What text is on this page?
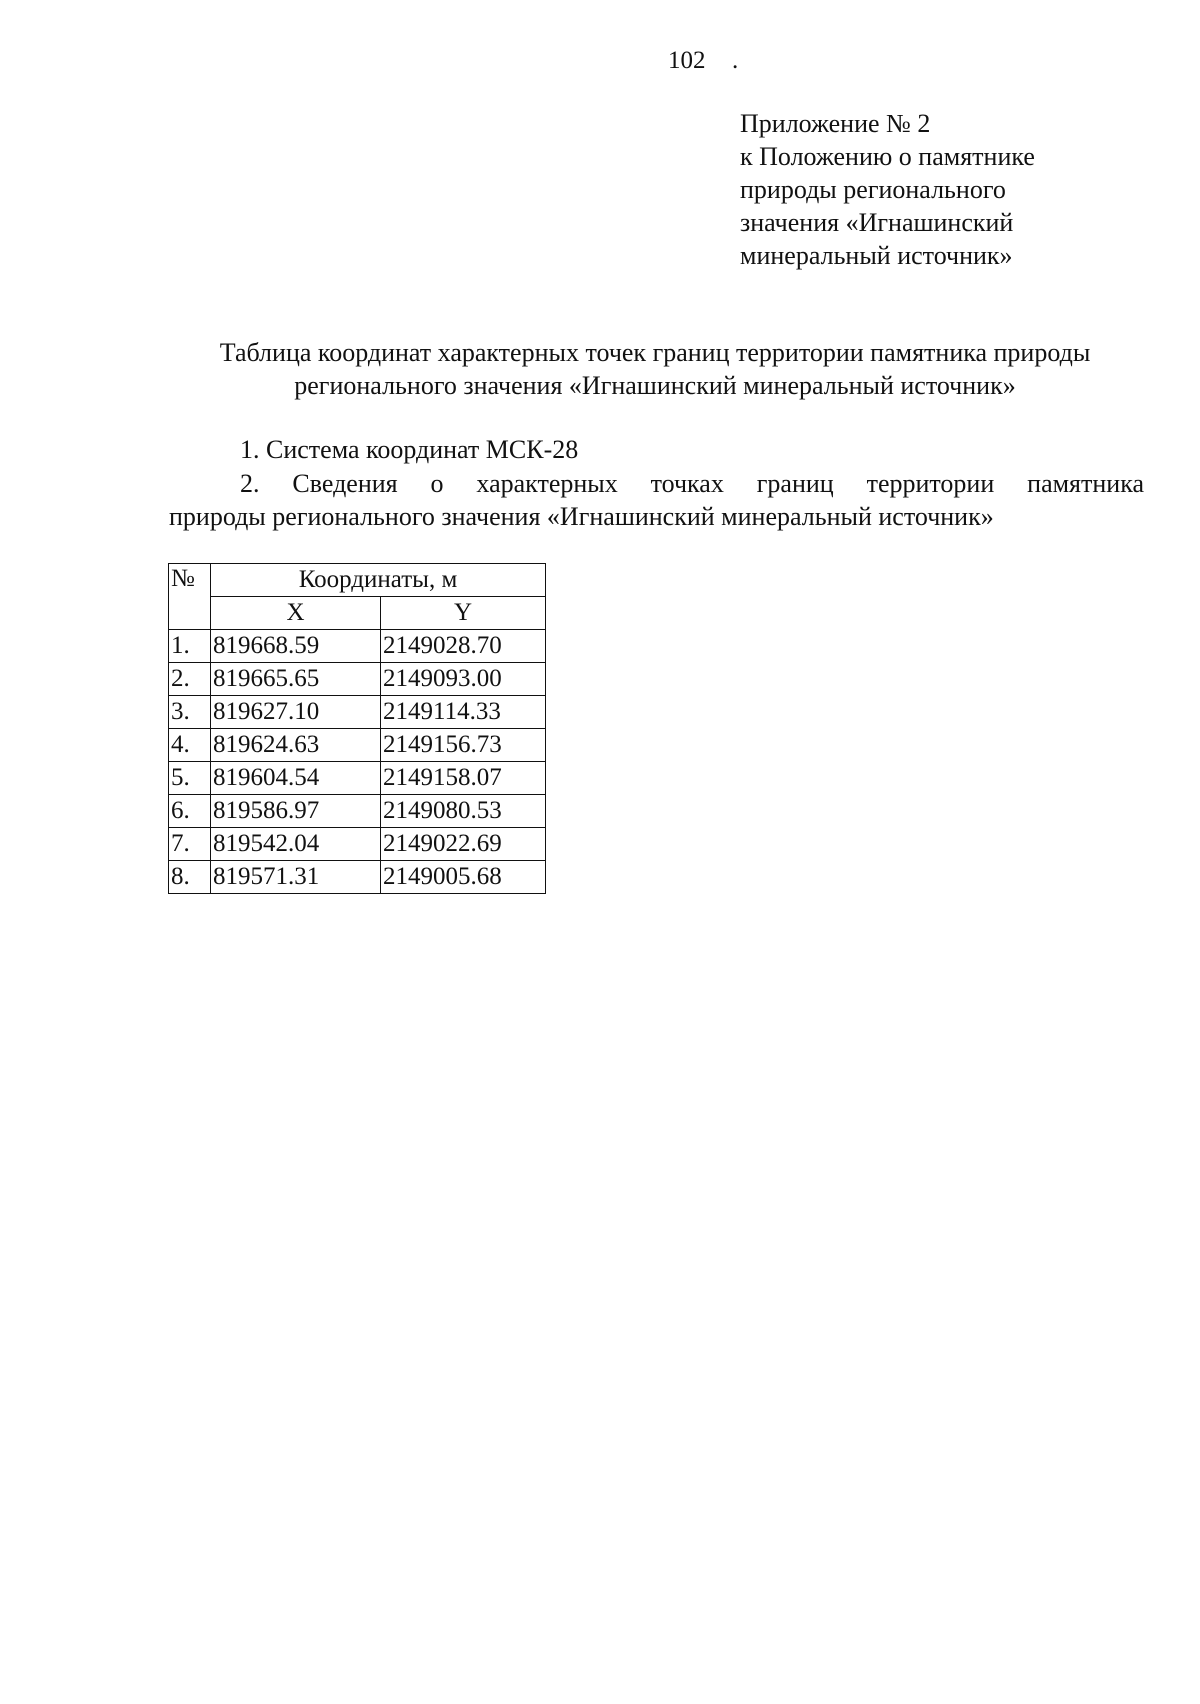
102 .
Приложение № 2
к Положению о памятнике
природы регионального
значения «Игнашинский
минеральный источник»
Таблица координат характерных точек границ территории памятника природы
регионального значения «Игнашинский минеральный источник»
1. Система координат МСК-28
2. Сведения о характерных точках границ территории памятника
природы регионального значения «Игнашинский минеральный источник»
№	Координаты, м	
	X	Y
1.	819668.59	2149028.70
2.	819665.65	2149093.00
3.	819627.10	2149114.33
4.	819624.63	2149156.73
5.	819604.54	2149158.07
6.	819586.97	2149080.53
7.	819542.04	2149022.69
8.	819571.31	2149005.68
